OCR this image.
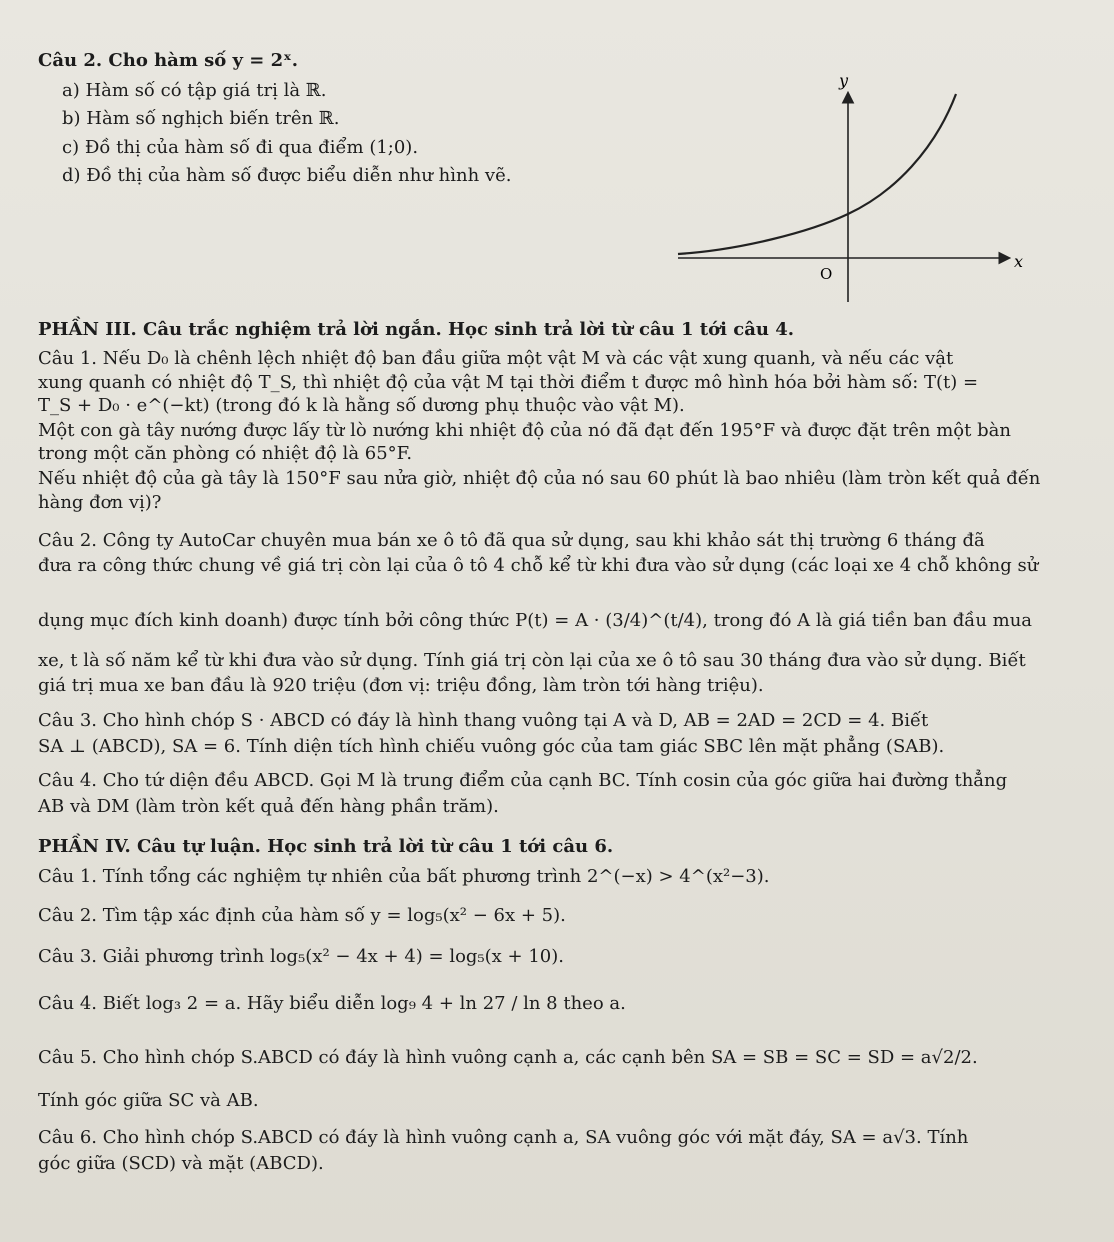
Câu 2. Cho hàm số y = 2ˣ.
a) Hàm số có tập giá trị là ℝ.
b) Hàm số nghịch biến trên ℝ.
c) Đồ thị của hàm số đi qua điểm (1;0).
d) Đồ thị của hàm số được biểu diễn như hình vẽ.
y
x
O
PHẦN III. Câu trắc nghiệm trả lời ngắn. Học sinh trả lời từ câu 1 tới câu 4.
Câu 1. Nếu D₀ là chênh lệch nhiệt độ ban đầu giữa một vật M và các vật xung quanh, và nếu các vật
xung quanh có nhiệt độ T_S, thì nhiệt độ của vật M tại thời điểm t được mô hình hóa bởi hàm số: T(t) =
T_S + D₀ · e^(−kt) (trong đó k là hằng số dương phụ thuộc vào vật M).
Một con gà tây nướng được lấy từ lò nướng khi nhiệt độ của nó đã đạt đến 195°F và được đặt trên một bàn
trong một căn phòng có nhiệt độ là 65°F.
Nếu nhiệt độ của gà tây là 150°F sau nửa giờ, nhiệt độ của nó sau 60 phút là bao nhiêu (làm tròn kết quả đến
hàng đơn vị)?
Câu 2. Công ty AutoCar chuyên mua bán xe ô tô đã qua sử dụng, sau khi khảo sát thị trường 6 tháng đã
đưa ra công thức chung về giá trị còn lại của ô tô 4 chỗ kể từ khi đưa vào sử dụng (các loại xe 4 chỗ không sử
dụng mục đích kinh doanh) được tính bởi công thức P(t) = A · (3/4)^(t/4), trong đó A là giá tiền ban đầu mua
xe, t là số năm kể từ khi đưa vào sử dụng. Tính giá trị còn lại của xe ô tô sau 30 tháng đưa vào sử dụng. Biết
giá trị mua xe ban đầu là 920 triệu (đơn vị: triệu đồng, làm tròn tới hàng triệu).
Câu 3. Cho hình chóp S · ABCD có đáy là hình thang vuông tại A và D, AB = 2AD = 2CD = 4. Biết
SA ⊥ (ABCD), SA = 6. Tính diện tích hình chiếu vuông góc của tam giác SBC lên mặt phẳng (SAB).
Câu 4. Cho tứ diện đều ABCD. Gọi M là trung điểm của cạnh BC. Tính cosin của góc giữa hai đường thẳng
AB và DM (làm tròn kết quả đến hàng phần trăm).
PHẦN IV. Câu tự luận. Học sinh trả lời từ câu 1 tới câu 6.
Câu 1. Tính tổng các nghiệm tự nhiên của bất phương trình 2^(−x) > 4^(x²−3).
Câu 2. Tìm tập xác định của hàm số y = log₅(x² − 6x + 5).
Câu 3. Giải phương trình log₅(x² − 4x + 4) = log₅(x + 10).
Câu 4. Biết log₃ 2 = a. Hãy biểu diễn log₉ 4 + ln 27 / ln 8 theo a.
Câu 5. Cho hình chóp S.ABCD có đáy là hình vuông cạnh a, các cạnh bên SA = SB = SC = SD = a√2/2.
Tính góc giữa SC và AB.
Câu 6. Cho hình chóp S.ABCD có đáy là hình vuông cạnh a, SA vuông góc với mặt đáy, SA = a√3. Tính
góc giữa (SCD) và mặt (ABCD).
